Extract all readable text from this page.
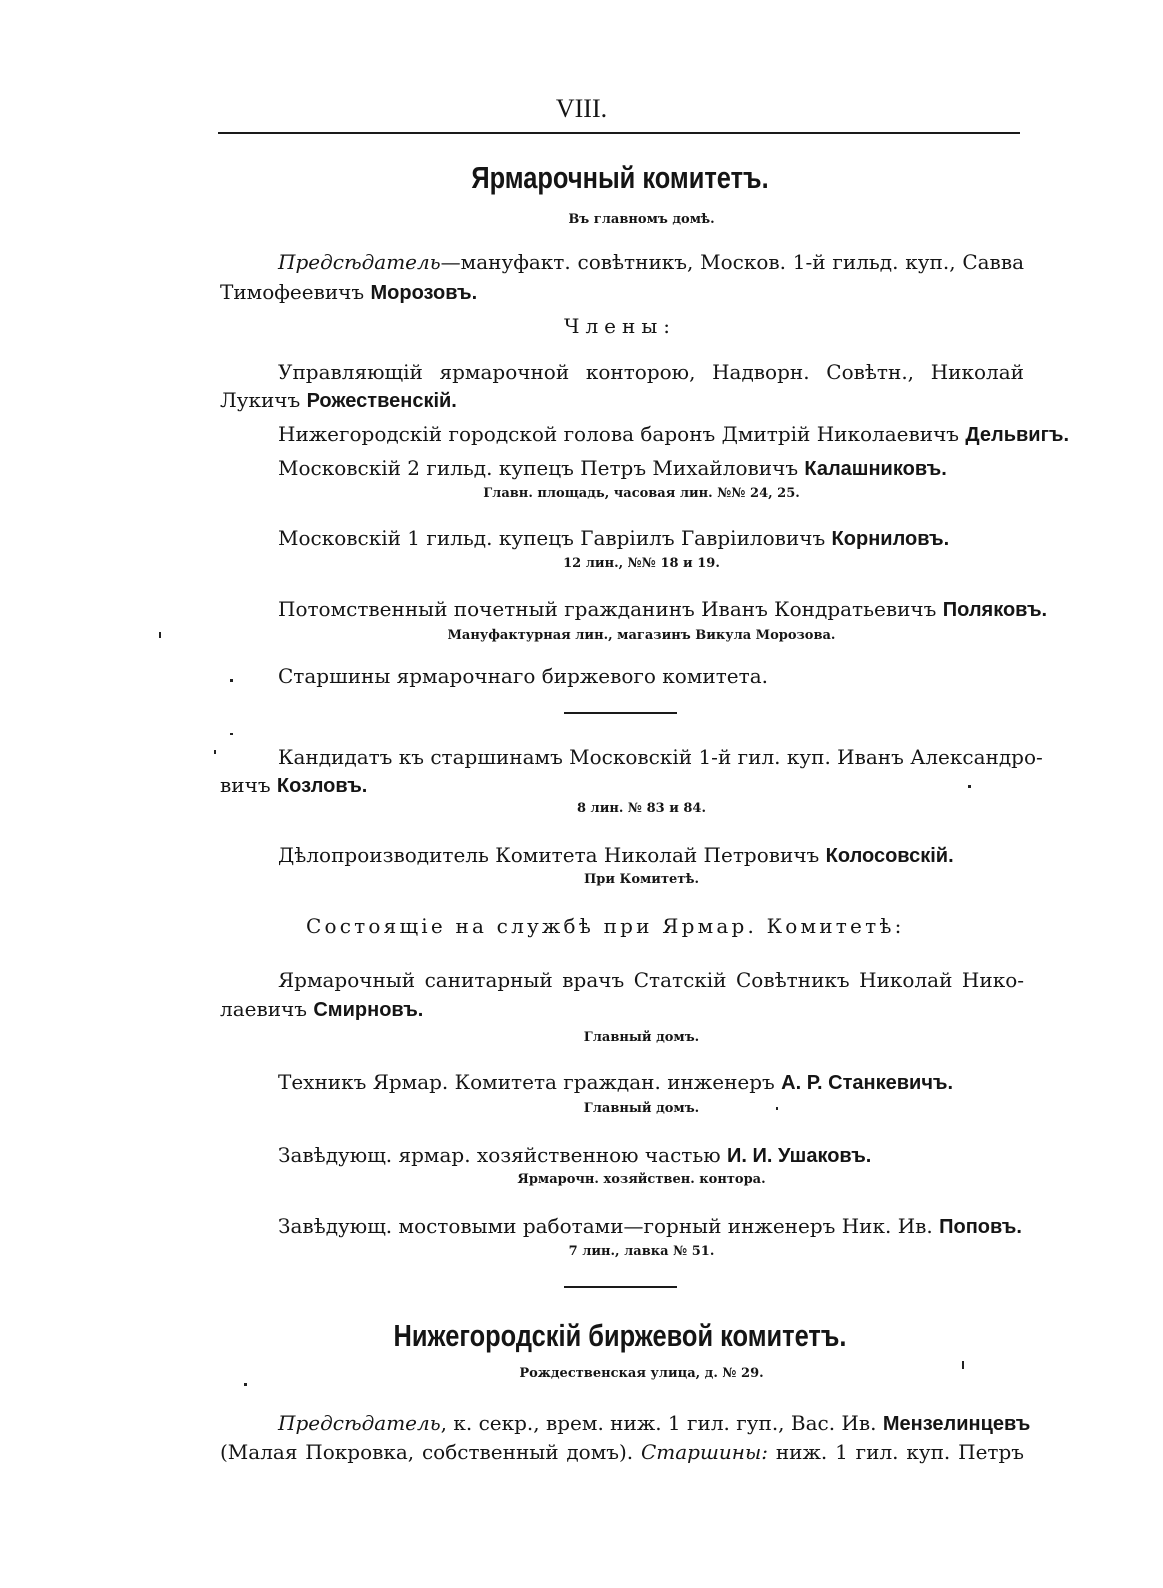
VIII.
Ярмарочный комитетъ.
Въ главномъ домѣ.
Предсѣдатель—мануфакт. совѣтникъ, Москов. 1-й гильд. куп., Савва
Тимофеевичъ Морозовъ.
Члены:
Управляющій ярмарочной конторою, Надворн. Совѣтн., Николай
Лукичъ Рожественскій.
Нижегородскій городской голова баронъ Дмитрій Николаевичъ Дельвигъ.
Московскій 2 гильд. купецъ Петръ Михайловичъ Калашниковъ.
Главн. площадь, часовая лин. №№ 24, 25.
Московскій 1 гильд. купецъ Гавріилъ Гавріиловичъ Корниловъ.
12 лин., №№ 18 и 19.
Потомственный почетный гражданинъ Иванъ Кондратьевичъ Поляковъ.
Мануфактурная лин., магазинъ Викула Морозова.
Старшины ярмарочнаго биржевого комитета.
Кандидатъ къ старшинамъ Московскій 1-й гил. куп. Иванъ Александро-
вичъ Козловъ.
8 лин. № 83 и 84.
Дѣлопроизводитель Комитета Николай Петровичъ Колосовскій.
При Комитетѣ.
Состоящіе на службѣ при Ярмар. Комитетѣ:
Ярмарочный санитарный врачъ Статскій Совѣтникъ Николай Нико-
лаевичъ Смирновъ.
Главный домъ.
Техникъ Ярмар. Комитета граждан. инженеръ А. Р. Станкевичъ.
Главный домъ.
Завѣдующ. ярмар. хозяйственною частью И. И. Ушаковъ.
Ярмарочн. хозяйствен. контора.
Завѣдующ. мостовыми работами—горный инженеръ Ник. Ив. Поповъ.
7 лин., лавка № 51.
Нижегородскій биржевой комитетъ.
Рождественская улица, д. № 29.
Предсѣдатель, к. секр., врем. ниж. 1 гил. гуп., Вас. Ив. Мензелинцевъ
(Малая Покровка, собственный домъ). Старшины: ниж. 1 гил. куп. Петръ
